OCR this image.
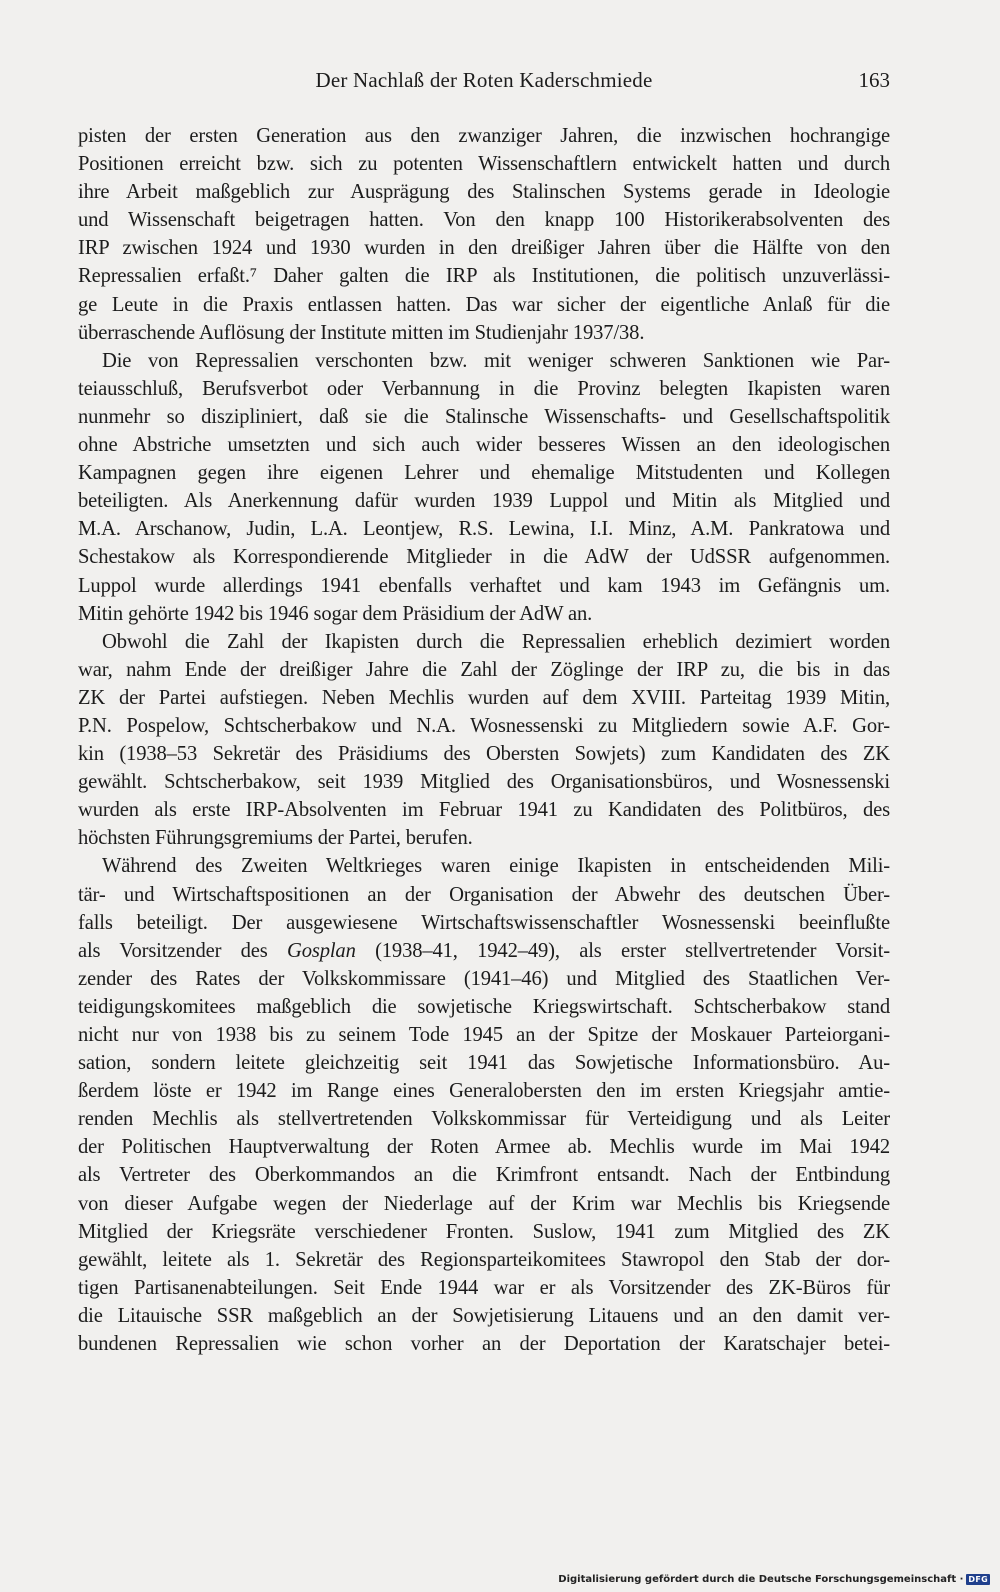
Der Nachlaß der Roten Kaderschmiede	163
pisten der ersten Generation aus den zwanziger Jahren, die inzwischen hochrangige
Positionen erreicht bzw. sich zu potenten Wissenschaftlern entwickelt hatten und durch
ihre Arbeit maßgeblich zur Ausprägung des Stalinschen Systems gerade in Ideologie
und Wissenschaft beigetragen hatten. Von den knapp 100 Historikerabsolventen des
IRP zwischen 1924 und 1930 wurden in den dreißiger Jahren über die Hälfte von den
Repressalien erfaßt.⁷ Daher galten die IRP als Institutionen, die politisch unzuverlässi-
ge Leute in die Praxis entlassen hatten. Das war sicher der eigentliche Anlaß für die
überraschende Auflösung der Institute mitten im Studienjahr 1937/38.
Die von Repressalien verschonten bzw. mit weniger schweren Sanktionen wie Par-
teiausschluß, Berufsverbot oder Verbannung in die Provinz belegten Ikapisten waren
nunmehr so diszipliniert, daß sie die Stalinsche Wissenschafts- und Gesellschaftspolitik
ohne Abstriche umsetzten und sich auch wider besseres Wissen an den ideologischen
Kampagnen gegen ihre eigenen Lehrer und ehemalige Mitstudenten und Kollegen
beteiligten. Als Anerkennung dafür wurden 1939 Luppol und Mitin als Mitglied und
M.A. Arschanow, Judin, L.A. Leontjew, R.S. Lewina, I.I. Minz, A.M. Pankratowa und
Schestakow als Korrespondierende Mitglieder in die AdW der UdSSR aufgenommen.
Luppol wurde allerdings 1941 ebenfalls verhaftet und kam 1943 im Gefängnis um.
Mitin gehörte 1942 bis 1946 sogar dem Präsidium der AdW an.
Obwohl die Zahl der Ikapisten durch die Repressalien erheblich dezimiert worden
war, nahm Ende der dreißiger Jahre die Zahl der Zöglinge der IRP zu, die bis in das
ZK der Partei aufstiegen. Neben Mechlis wurden auf dem XVIII. Parteitag 1939 Mitin,
P.N. Pospelow, Schtscherbakow und N.A. Wosnessenski zu Mitgliedern sowie A.F. Gor-
kin (1938–53 Sekretär des Präsidiums des Obersten Sowjets) zum Kandidaten des ZK
gewählt. Schtscherbakow, seit 1939 Mitglied des Organisationsbüros, und Wosnessenski
wurden als erste IRP-Absolventen im Februar 1941 zu Kandidaten des Politbüros, des
höchsten Führungsgremiums der Partei, berufen.
Während des Zweiten Weltkrieges waren einige Ikapisten in entscheidenden Mili-
tär- und Wirtschaftspositionen an der Organisation der Abwehr des deutschen Über-
falls beteiligt. Der ausgewiesene Wirtschaftswissenschaftler Wosnessenski beeinflußte
als Vorsitzender des Gosplan (1938–41, 1942–49), als erster stellvertretender Vorsit-
zender des Rates der Volkskommissare (1941–46) und Mitglied des Staatlichen Ver-
teidigungskomitees maßgeblich die sowjetische Kriegswirtschaft. Schtscherbakow stand
nicht nur von 1938 bis zu seinem Tode 1945 an der Spitze der Moskauer Parteiorgani-
sation, sondern leitete gleichzeitig seit 1941 das Sowjetische Informationsbüro. Au-
ßerdem löste er 1942 im Range eines Generalobersten den im ersten Kriegsjahr amtie-
renden Mechlis als stellvertretenden Volkskommissar für Verteidigung und als Leiter
der Politischen Hauptverwaltung der Roten Armee ab. Mechlis wurde im Mai 1942
als Vertreter des Oberkommandos an die Krimfront entsandt. Nach der Entbindung
von dieser Aufgabe wegen der Niederlage auf der Krim war Mechlis bis Kriegsende
Mitglied der Kriegsräte verschiedener Fronten. Suslow, 1941 zum Mitglied des ZK
gewählt, leitete als 1. Sekretär des Regionsparteikomitees Stawropol den Stab der dor-
tigen Partisanenabteilungen. Seit Ende 1944 war er als Vorsitzender des ZK-Büros für
die Litauische SSR maßgeblich an der Sowjetisierung Litauens und an den damit ver-
bundenen Repressalien wie schon vorher an der Deportation der Karatschajer betei-
Digitalisierung gefördert durch die Deutsche Forschungsgemeinschaft · DFG
